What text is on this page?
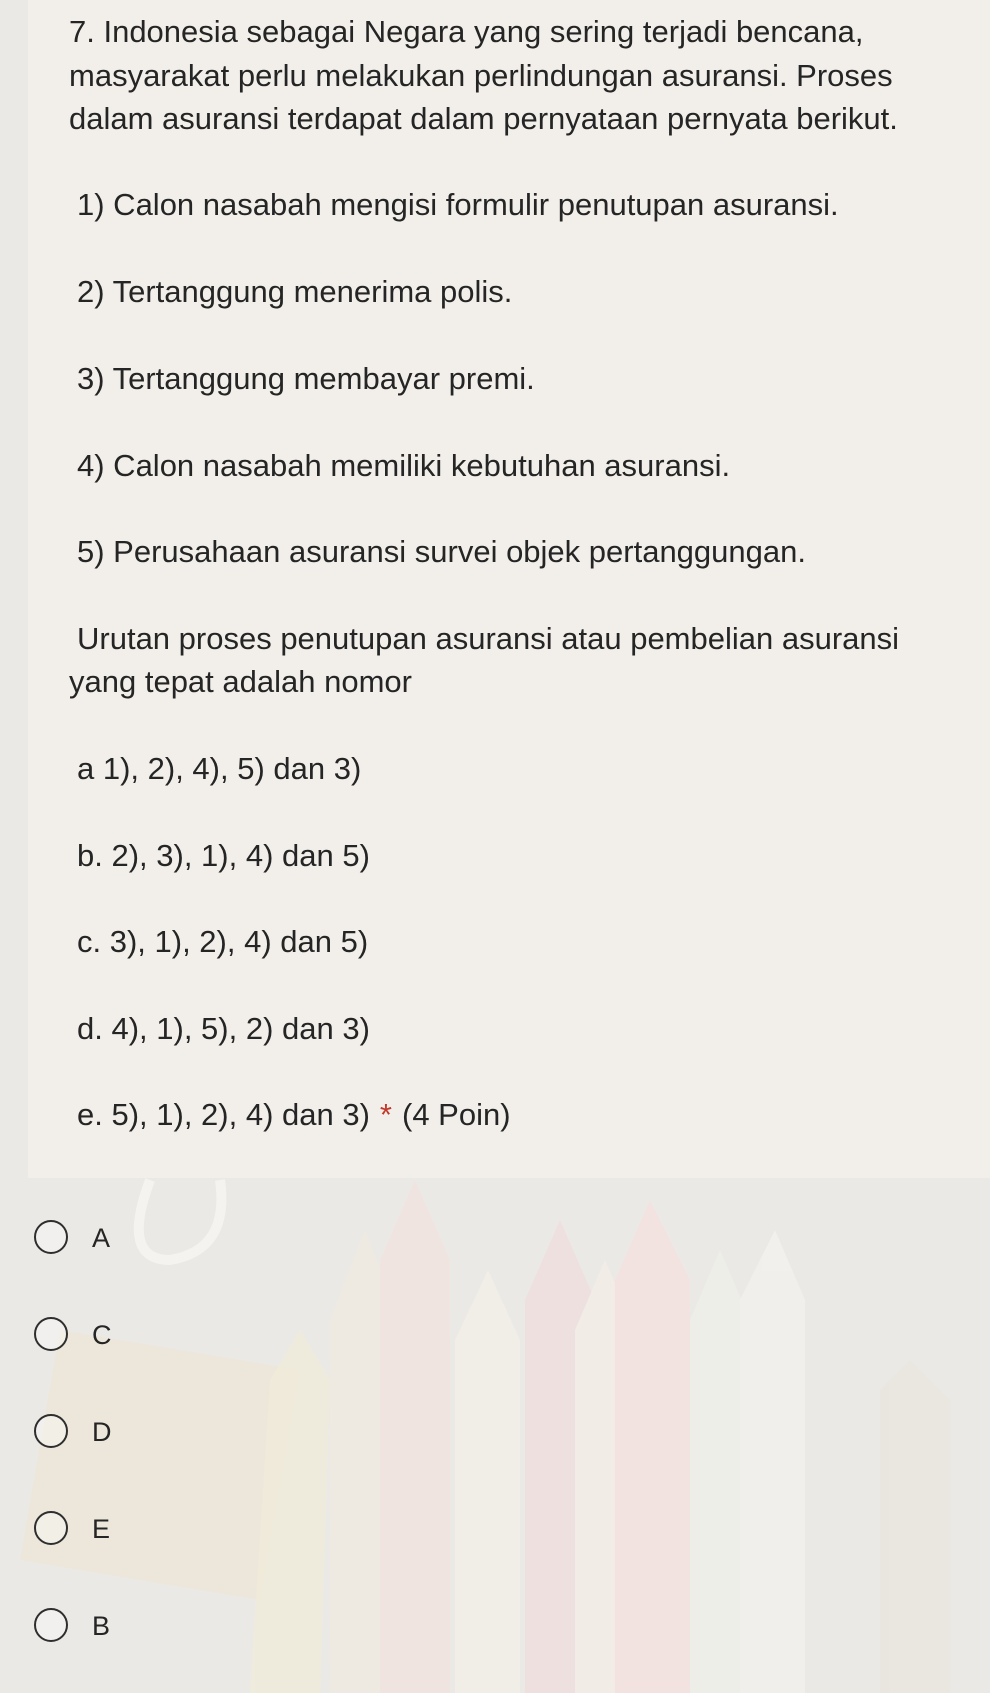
7. Indonesia sebagai Negara yang sering terjadi bencana,
masyarakat perlu melakukan perlindungan asuransi. Proses
dalam asuransi terdapat dalam pernyataan pernyata berikut.
1) Calon nasabah mengisi formulir penutupan asuransi.
2) Tertanggung menerima polis.
3) Tertanggung membayar premi.
4) Calon nasabah memiliki kebutuhan asuransi.
5) Perusahaan asuransi survei objek pertanggungan.
Urutan proses penutupan asuransi atau pembelian asuransi
yang tepat adalah nomor
a 1), 2), 4), 5) dan 3)
b. 2), 3), 1), 4) dan 5)
c. 3), 1), 2), 4) dan 5)
d. 4), 1), 5), 2) dan 3)
e. 5), 1), 2), 4) dan 3) * (4 Poin)
A
C
D
E
B
